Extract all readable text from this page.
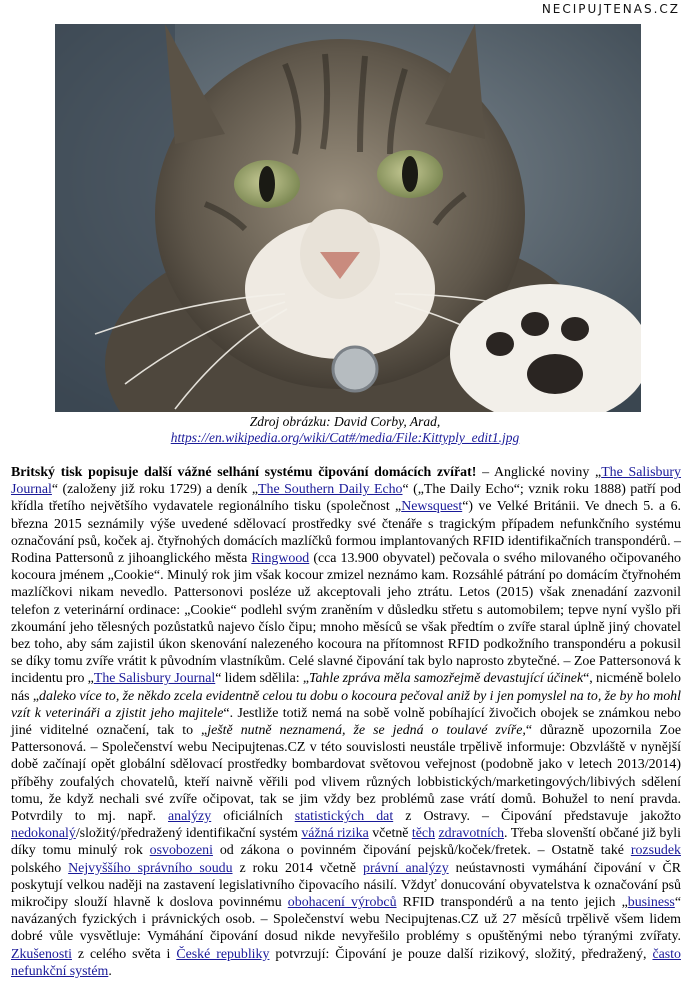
NECIPUJTENAS.CZ
Zdroj obrázku: David Corby, Arad,
https://en.wikipedia.org/wiki/Cat#/media/File:Kittyply_edit1.jpg

Britský tisk popisuje další vážné selhání systému čipování domácích zvířat! – Anglické noviny „The Salisbury Journal“ (založeny již roku 1729) a deník „The Southern Daily Echo“ („The Daily Echo“; vznik roku 1888) patří pod křídla třetího největšího vydavatele regionálního tisku (společnost „Newsquest“) ve Velké Británii. Ve dnech 5. a 6. března 2015 seznámily výše uvedené sdělovací prostředky své čtenáře s tragickým případem nefunkčního systému označování psů, koček aj. čtyřnohých domácích mazlíčků formou implantovaných RFID identifikačních transpondérů. – Rodina Pattersonů z jihoanglického města Ringwood (cca 13.900 obyvatel) pečovala o svého milovaného očipovaného kocoura jménem „Cookie“. Minulý rok jim však kocour zmizel neznámo kam. Rozsáhlé pátrání po domácím čtyřnohém mazlíčkovi nikam nevedlo. Pattersonovi posléze už akceptovali jeho ztrátu. Letos (2015) však znenadání zazvonil telefon z veterinární ordinace: „Cookie“ podlehl svým zraněním v důsledku střetu s automobilem; tepve nyní vyšlo při zkoumání jeho tělesných pozůstatků najevo číslo čipu; mnoho měsíců se však předtím o zvíře staral úplně jiný chovatel bez toho, aby sám zajistil úkon skenování nalezeného kocoura na přítomnost RFID podkožního transpondéru a pokusil se díky tomu zvíře vrátit k původním vlastníkům. Celé slavné čipování tak bylo naprosto zbytečné. – Zoe Pattersonová k incidentu pro „The Salisbury Journal“ lidem sdělila: „Tahle zpráva měla samozřejmě devastující účinek“, nicméně bolelo nás „daleko více to, že někdo zcela evidentně celou tu dobu o kocoura pečoval aniž by i jen pomyslel na to, že by ho mohl vzít k veterináři a zjistit jeho majitele“. Jestliže totiž nemá na sobě volně pobíhající živočich obojek se známkou nebo jiné viditelné označení, tak to „ještě nutně neznamená, že se jedná o toulavé zvíře,“ důrazně upozornila Zoe Pattersonová. – Společenství webu Necipujtenas.CZ v této souvislosti neustále trpělivě informuje: Obzvláště v nynější době začínají opět globální sdělovací prostředky bombardovat světovou veřejnost (podobně jako v letech 2013/2014) příběhy zoufalých chovatelů, kteří naivně věřili pod vlivem různých lobbistických/marketingových/libivých sdělení tomu, že když nechali své zvíře očipovat, tak se jim vždy bez problémů zase vrátí domů. Bohužel to není pravda. Potvrdily to mj. např. analýzy oficiálních statistických dat z Ostravy. – Čipování představuje jakožto nedokonalý/složitý/předražený identifikační systém vážná rizika včetně těch zdravotních. Třeba slovenští občané již byli díky tomu minulý rok osvobozeni od zákona o povinném čipování pejsků/koček/fretek. – Ostatně také rozsudek polského Nejvyššího správního soudu z roku 2014 včetně právní analýzy neústavnosti vymáhání čipování v ČR poskytují velkou naději na zastavení legislativního čipovacího násilí. Vždyť donucování obyvatelstva k označování psů mikročipy slouží hlavně k doslova povinnému obohacení výrobců RFID transpondérů a na tento jejich „business“ navázaných fyzických i právnických osob. – Společenství webu Necipujtenas.CZ už 27 měsíců trpělivě všem lidem dobré vůle vysvětluje: Vymáhání čipování dosud nikde nevyřešilo problémy s opuštěnými nebo týranými zvířaty. Zkušenosti z celého světa i České republiky potvrzují: Čipování je pouze další rizikový, složitý, předražený, často nefunkční systém.
